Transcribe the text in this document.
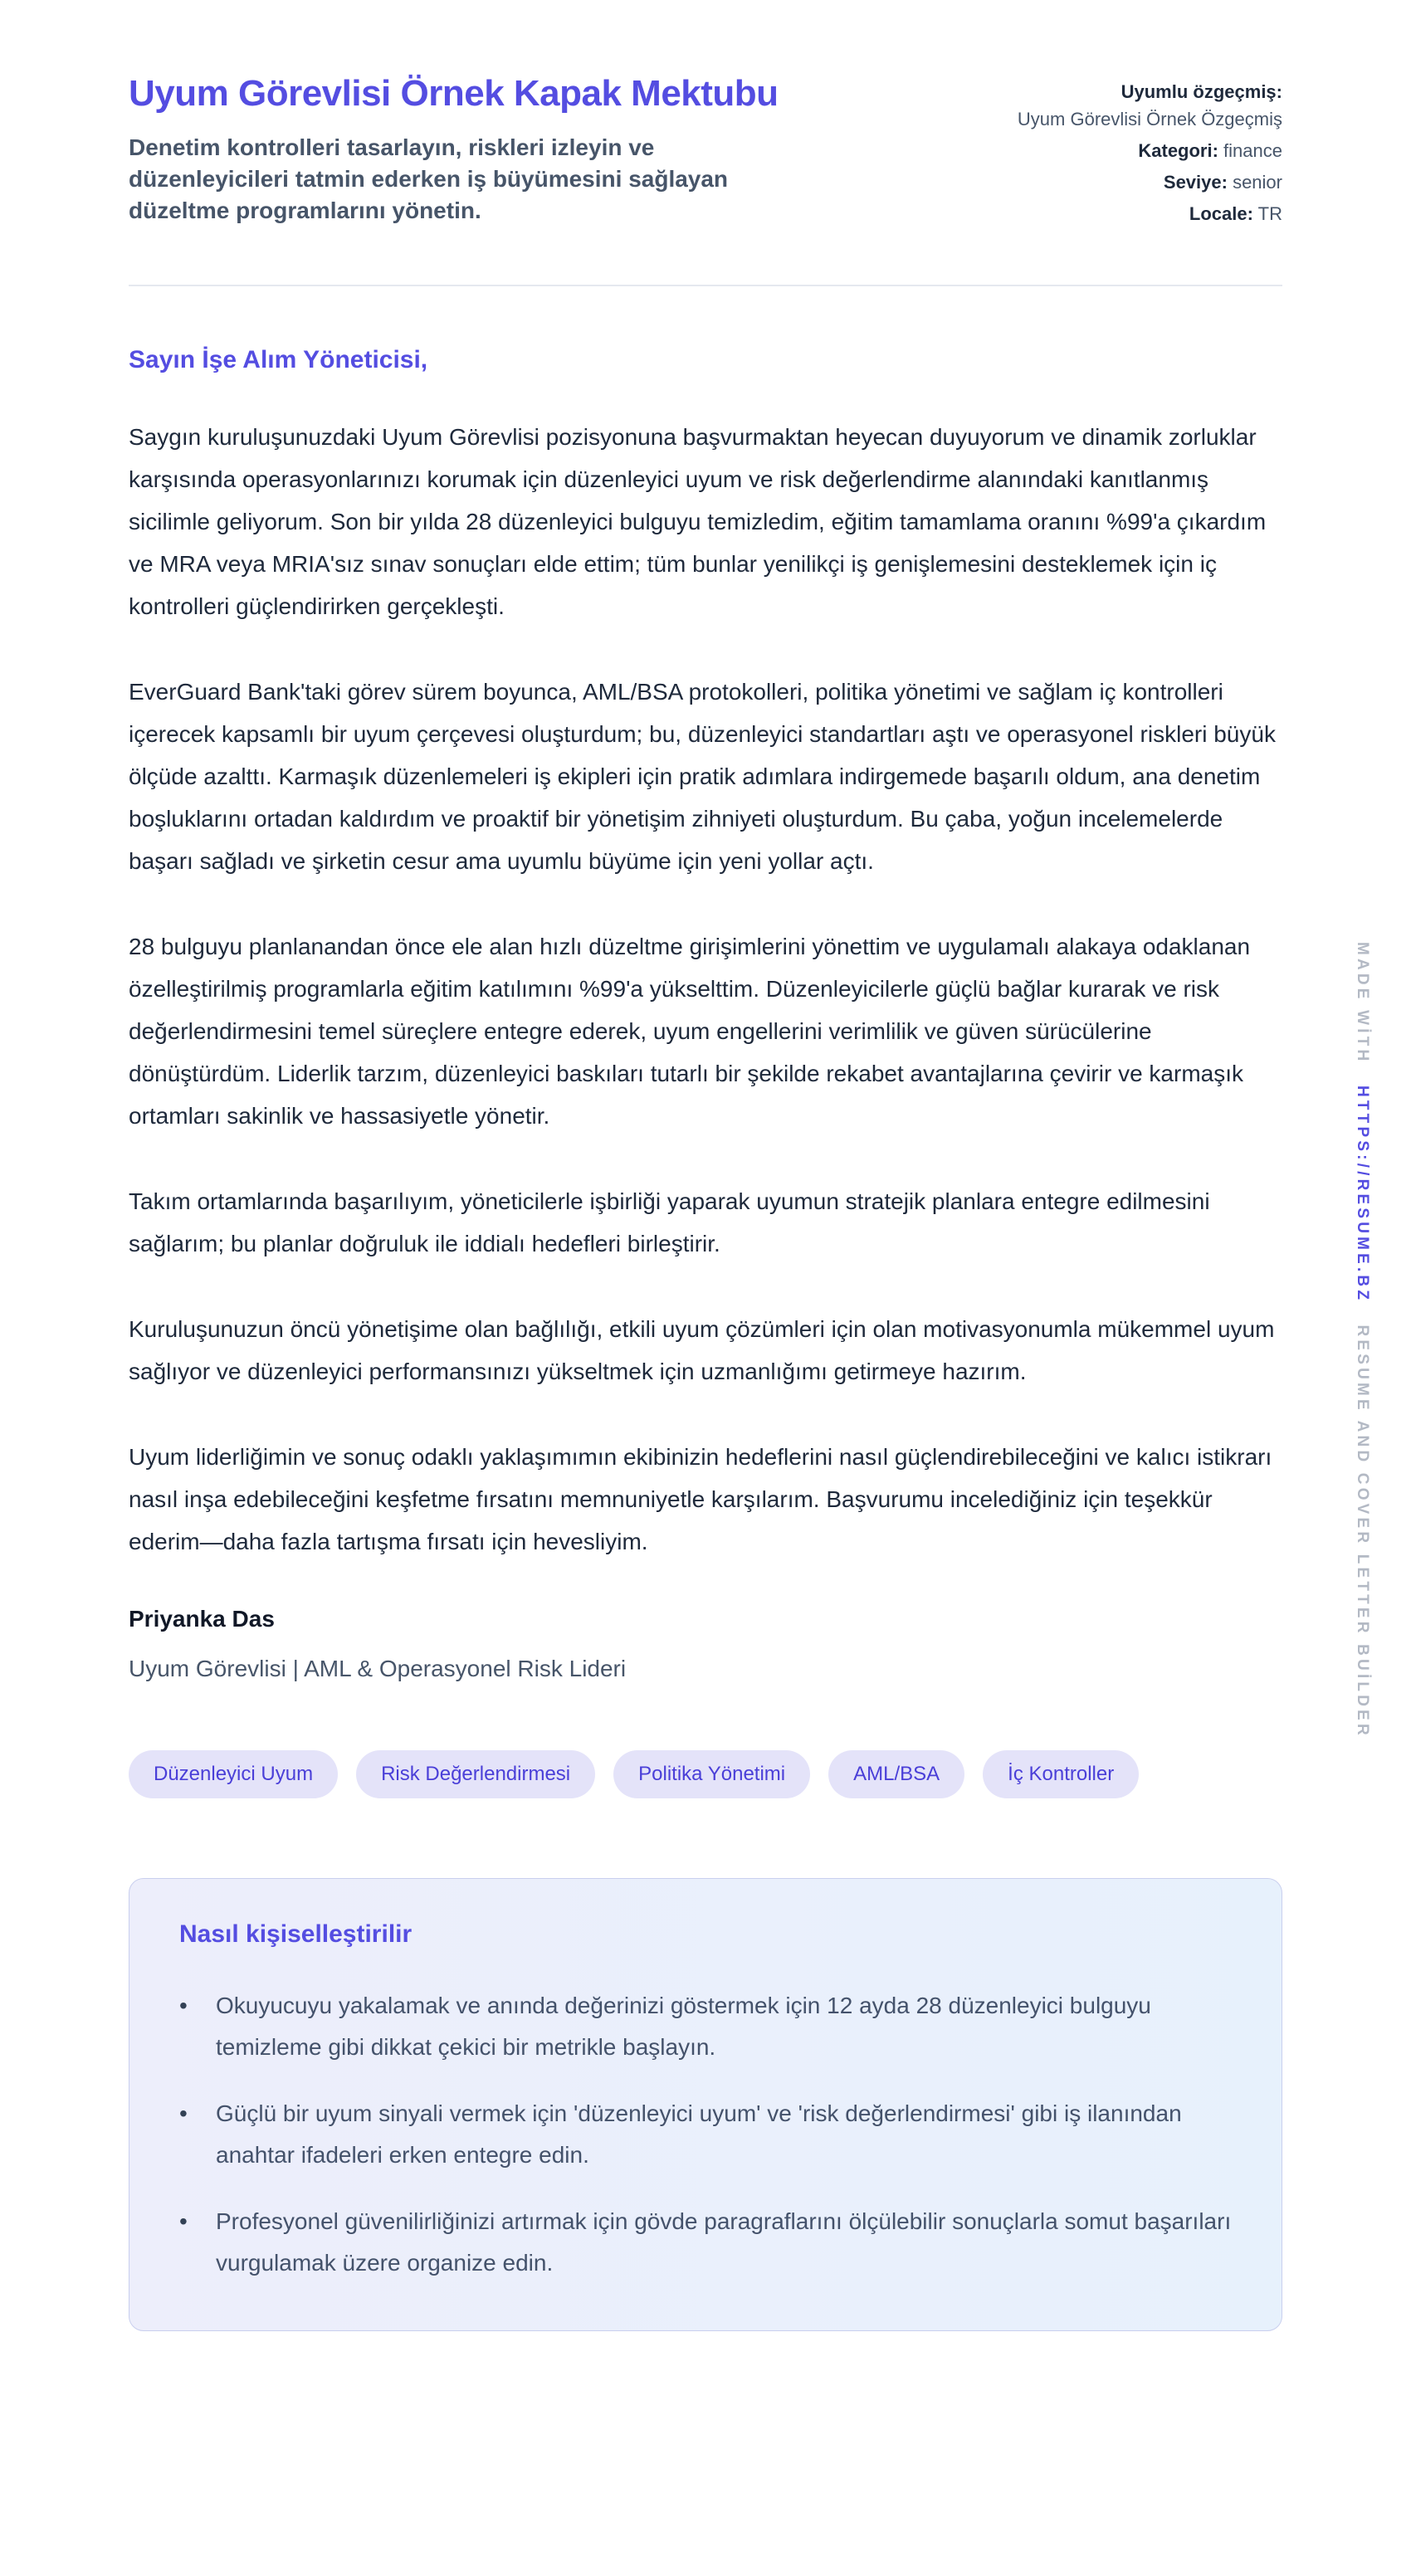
Uyum Görevlisi Örnek Kapak Mektubu
Denetim kontrolleri tasarlayın, riskleri izleyin ve düzenleyicileri tatmin ederken iş büyümesini sağlayan düzeltme programlarını yönetin.
Uyumlu özgeçmiş:
Uyum Görevlisi Örnek Özgeçmiş
Kategori: finance
Seviye: senior
Locale: TR
Sayın İşe Alım Yöneticisi,

Saygın kuruluşunuzdaki Uyum Görevlisi pozisyonuna başvurmaktan heyecan duyuyorum ve dinamik zorluklar karşısında operasyonlarınızı korumak için düzenleyici uyum ve risk değerlendirme alanındaki kanıtlanmış sicilimle geliyorum. Son bir yılda 28 düzenleyici bulguyu temizledim, eğitim tamamlama oranını %99'a çıkardım ve MRA veya MRIA'sız sınav sonuçları elde ettim; tüm bunlar yenilikçi iş genişlemesini desteklemek için iç kontrolleri güçlendirirken gerçekleşti.

EverGuard Bank'taki görev sürem boyunca, AML/BSA protokolleri, politika yönetimi ve sağlam iç kontrolleri içerecek kapsamlı bir uyum çerçevesi oluşturdum; bu, düzenleyici standartları aştı ve operasyonel riskleri büyük ölçüde azalttı. Karmaşık düzenlemeleri iş ekipleri için pratik adımlara indirgemede başarılı oldum, ana denetim boşluklarını ortadan kaldırdım ve proaktif bir yönetişim zihniyeti oluşturdum. Bu çaba, yoğun incelemelerde başarı sağladı ve şirketin cesur ama uyumlu büyüme için yeni yollar açtı.

28 bulguyu planlanandan önce ele alan hızlı düzeltme girişimlerini yönettim ve uygulamalı alakaya odaklanan özelleştirilmiş programlarla eğitim katılımını %99'a yükselttim. Düzenleyicilerle güçlü bağlar kurarak ve risk değerlendirmesini temel süreçlere entegre ederek, uyum engellerini verimlilik ve güven sürücülerine dönüştürdüm. Liderlik tarzım, düzenleyici baskıları tutarlı bir şekilde rekabet avantajlarına çevirir ve karmaşık ortamları sakinlik ve hassasiyetle yönetir.

Takım ortamlarında başarılıyım, yöneticilerle işbirliği yaparak uyumun stratejik planlara entegre edilmesini sağlarım; bu planlar doğruluk ile iddialı hedefleri birleştirir.

Kuruluşunuzun öncü yönetişime olan bağlılığı, etkili uyum çözümleri için olan motivasyonumla mükemmel uyum sağlıyor ve düzenleyici performansınızı yükseltmek için uzmanlığımı getirmeye hazırım.

Uyum liderliğimin ve sonuç odaklı yaklaşımımın ekibinizin hedeflerini nasıl güçlendirebileceğini ve kalıcı istikrarı nasıl inşa edebileceğini keşfetme fırsatını memnuniyetle karşılarım. Başvurumu incelediğiniz için teşekkür ederim—daha fazla tartışma fırsatı için hevesliyim.

Priyanka Das
Uyum Görevlisi | AML & Operasyonel Risk Lideri
Düzenleyici Uyum	Risk Değerlendirmesi	Politika Yönetimi	AML/BSA	İç Kontroller
Nasıl kişiselleştirilir
•	Okuyucuyu yakalamak ve anında değerinizi göstermek için 12 ayda 28 düzenleyici bulguyu temizleme gibi dikkat çekici bir metrikle başlayın.
•	Güçlü bir uyum sinyali vermek için 'düzenleyici uyum' ve 'risk değerlendirmesi' gibi iş ilanından anahtar ifadeleri erken entegre edin.
•	Profesyonel güvenilirliğinizi artırmak için gövde paragraflarını ölçülebilir sonuçlarla somut başarıları vurgulamak üzere organize edin.
MADE WİTHHTTPS://RESUME.BZRESUME AND COVER LETTER BUİLDER
